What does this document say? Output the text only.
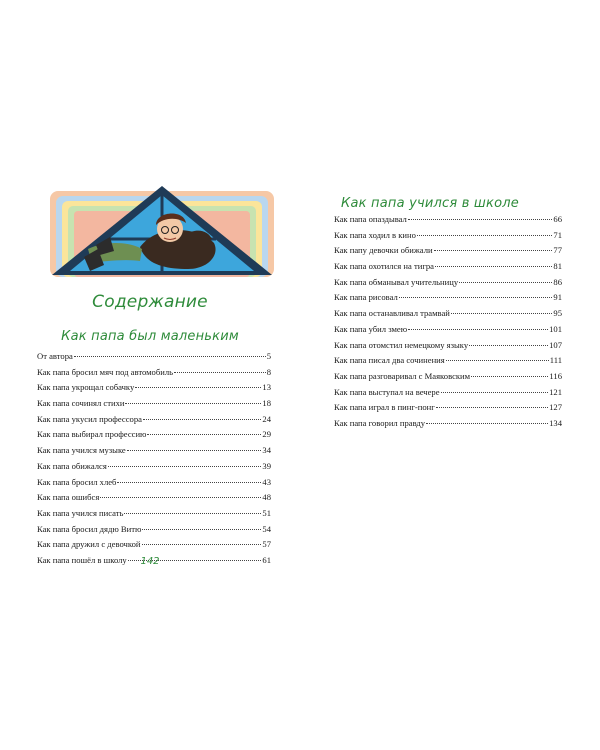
Содержание
Как папа был маленьким
От автора	5
Как папа бросил мяч под автомобиль	8
Как папа укрощал собачку	13
Как папа сочинял стихи	18
Как папа укусил профессора	24
Как папа выбирал профессию	29
Как папа учился музыке	34
Как папа обижался	39
Как папа бросил хлеб	43
Как папа ошибся	48
Как папа учился писать	51
Как папа бросил дядю Витю	54
Как папа дружил с девочкой	57
Как папа пошёл в школу	61
142
Как папа учился в школе
Как папа опаздывал	66
Как папа ходил в кино	71
Как папу девочки обижали	77
Как папа охотился на тигра	81
Как папа обманывал учительницу	86
Как папа рисовал	91
Как папа останавливал трамвай	95
Как папа убил змею	101
Как папа отомстил немецкому языку	107
Как папа писал два сочинения	111
Как папа разговаривал с Маяковским	116
Как папа выступал на вечере	121
Как папа играл в пинг-понг	127
Как папа говорил правду	134
